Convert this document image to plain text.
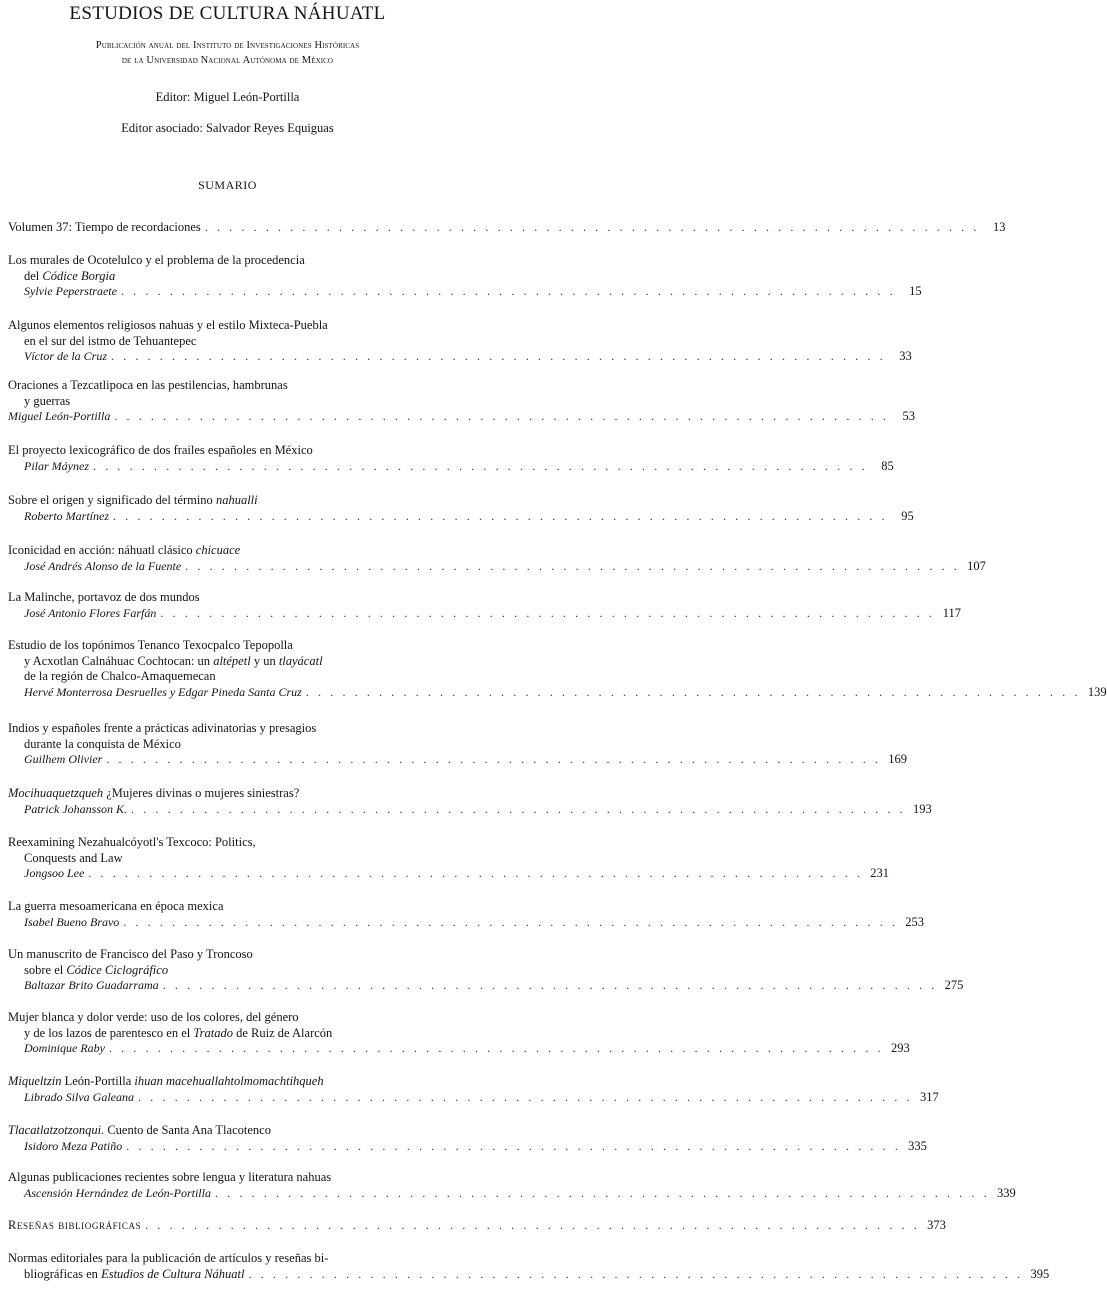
ESTUDIOS DE CULTURA NÁHUATL
Publicación anual del Instituto de Investigaciones Históricas
de la Universidad Nacional Autónoma de México
Editor: Miguel León-Portilla
Editor asociado: Salvador Reyes Equiguas
SUMARIO
Volumen 37: Tiempo de recordaciones . . . . . . . . . . . . . . . . . . . . . . . . . . . . . . . . . . . . . . . . . . . . . . . . . . . . . . . . . . . . . . . .	13
Los murales de Ocotelulco y el problema de la procedencia
del Códice Borgia
Sylvie Peperstraete . . . . . . . . . . . . . . . . . . . . . . . . . . . . . . . . . . . . . . . . . . . . . . . . . . . . . . . . . . . . . . . .	15
Algunos elementos religiosos nahuas y el estilo Mixteca-Puebla
en el sur del istmo de Tehuantepec
Víctor de la Cruz . . . . . . . . . . . . . . . . . . . . . . . . . . . . . . . . . . . . . . . . . . . . . . . . . . . . . . . . . . . . . . . .	33
Oraciones a Tezcatlipoca en las pestilencias, hambrunas
y guerras
Miguel León-Portilla . . . . . . . . . . . . . . . . . . . . . . . . . . . . . . . . . . . . . . . . . . . . . . . . . . . . . . . . . . . . . . . .	53
El proyecto lexicográfico de dos frailes españoles en México
Pilar Máynez . . . . . . . . . . . . . . . . . . . . . . . . . . . . . . . . . . . . . . . . . . . . . . . . . . . . . . . . . . . . . . . .	85
Sobre el origen y significado del término nahualli
Roberto Martínez . . . . . . . . . . . . . . . . . . . . . . . . . . . . . . . . . . . . . . . . . . . . . . . . . . . . . . . . . . . . . . . .	95
Iconicidad en acción: náhuatl clásico chicuace
José Andrés Alonso de la Fuente . . . . . . . . . . . . . . . . . . . . . . . . . . . . . . . . . . . . . . . . . . . . . . . . . . . . . . . . . . . . . . . . 107
La Malinche, portavoz de dos mundos
José Antonio Flores Farfán . . . . . . . . . . . . . . . . . . . . . . . . . . . . . . . . . . . . . . . . . . . . . . . . . . . . . . . . . . . . . . . . 117
Estudio de los topónimos Tenanco Texocpalco Tepopolla
y Acxotlan Calnáhuac Cochtocan: un altépetl y un tlayácatl
de la región de Chalco-Amaquemecan
Hervé Monterrosa Desruelles y Edgar Pineda Santa Cruz . . . . . . . . . . . . . . . . . . . . . . . . . . . . . . . . . . . . . . . . . . . . . . . . . . . . . . . . . . . . . . . . 139
Indios y españoles frente a prácticas adivinatorias y presagios
durante la conquista de México
Guilhem Olivier . . . . . . . . . . . . . . . . . . . . . . . . . . . . . . . . . . . . . . . . . . . . . . . . . . . . . . . . . . . . . . . . 169
Mocihuaquetzqueh ¿Mujeres divinas o mujeres siniestras?
Patrick Johansson K. . . . . . . . . . . . . . . . . . . . . . . . . . . . . . . . . . . . . . . . . . . . . . . . . . . . . . . . . . . . . . . . . 193
Reexamining Nezahualcóyotl's Texcoco: Politics,
Conquests and Law
Jongsoo Lee . . . . . . . . . . . . . . . . . . . . . . . . . . . . . . . . . . . . . . . . . . . . . . . . . . . . . . . . . . . . . . . . 231
La guerra mesoamericana en época mexica
Isabel Bueno Bravo . . . . . . . . . . . . . . . . . . . . . . . . . . . . . . . . . . . . . . . . . . . . . . . . . . . . . . . . . . . . . . . . 253
Un manuscrito de Francisco del Paso y Troncoso
sobre el Códice Ciclográfico
Baltazar Brito Guadarrama . . . . . . . . . . . . . . . . . . . . . . . . . . . . . . . . . . . . . . . . . . . . . . . . . . . . . . . . . . . . . . . . 275
Mujer blanca y dolor verde: uso de los colores, del género
y de los lazos de parentesco en el Tratado de Ruiz de Alarcón
Dominique Raby . . . . . . . . . . . . . . . . . . . . . . . . . . . . . . . . . . . . . . . . . . . . . . . . . . . . . . . . . . . . . . . . 293
Miqueltzin León-Portilla ihuan macehuallahtolmomachtihqueh
Librado Silva Galeana . . . . . . . . . . . . . . . . . . . . . . . . . . . . . . . . . . . . . . . . . . . . . . . . . . . . . . . . . . . . . . . . 317
Tlacatlatzotzonqui. Cuento de Santa Ana Tlacotenco
Isidoro Meza Patiño . . . . . . . . . . . . . . . . . . . . . . . . . . . . . . . . . . . . . . . . . . . . . . . . . . . . . . . . . . . . . . . . 335
Algunas publicaciones recientes sobre lengua y literatura nahuas
Ascensión Hernández de León-Portilla . . . . . . . . . . . . . . . . . . . . . . . . . . . . . . . . . . . . . . . . . . . . . . . . . . . . . . . . . . . . . . . . 339
Reseñas bibliográficas . . . . . . . . . . . . . . . . . . . . . . . . . . . . . . . . . . . . . . . . . . . . . . . . . . . . . . . . . . . . . . . . 373
Normas editoriales para la publicación de artículos y reseñas bi-
bliográficas en Estudios de Cultura Náhuatl . . . . . . . . . . . . . . . . . . . . . . . . . . . . . . . . . . . . . . . . . . . . . . . . . . . . . . . . . . . . . . . . 395
